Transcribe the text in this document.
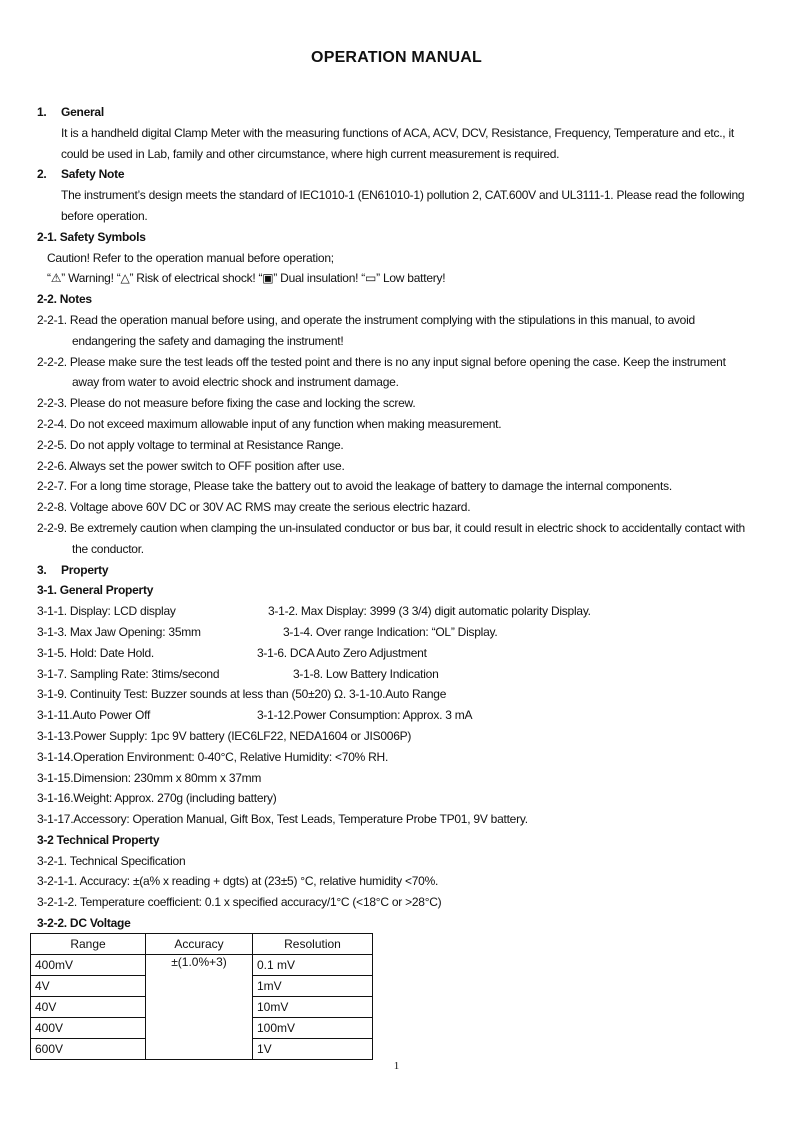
OPERATION MANUAL
1. General
It is a handheld digital Clamp Meter with the measuring functions of ACA, ACV, DCV, Resistance, Frequency, Temperature and etc., it
could be used in Lab, family and other circumstance, where high current measurement is required.
2. Safety Note
The instrument’s design meets the standard of IEC1010-1 (EN61010-1) pollution 2, CAT.600V and UL3111-1. Please read the following
before operation.
2-1. Safety Symbols
Caution! Refer to the operation manual before operation;
“⚠” Warning! “△” Risk of electrical shock! “▣” Dual insulation! “▭” Low battery!
2-2. Notes
2-2-1. Read the operation manual before using, and operate the instrument complying with the stipulations in this manual, to avoid
endangering the safety and damaging the instrument!
2-2-2. Please make sure the test leads off the tested point and there is no any input signal before opening the case. Keep the instrument
away from water to avoid electric shock and instrument damage.
2-2-3. Please do not measure before fixing the case and locking the screw.
2-2-4. Do not exceed maximum allowable input of any function when making measurement.
2-2-5. Do not apply voltage to terminal at Resistance Range.
2-2-6. Always set the power switch to OFF position after use.
2-2-7. For a long time storage, Please take the battery out to avoid the leakage of battery to damage the internal components.
2-2-8. Voltage above 60V DC or 30V AC RMS may create the serious electric hazard.
2-2-9. Be extremely caution when clamping the un-insulated conductor or bus bar, it could result in electric shock to accidentally contact with
the conductor.
3. Property
3-1. General Property
3-1-1. Display: LCD display	3-1-2. Max Display: 3999 (3 3/4) digit automatic polarity Display.
3-1-3. Max Jaw Opening: 35mm	3-1-4. Over range Indication: “OL” Display.
3-1-5. Hold: Date Hold.	3-1-6. DCA Auto Zero Adjustment
3-1-7. Sampling Rate: 3tims/second	3-1-8. Low Battery Indication
3-1-9. Continuity Test: Buzzer sounds at less than (50±20) Ω. 3-1-10.Auto Range
3-1-11.Auto Power Off	3-1-12.Power Consumption: Approx. 3 mA
3-1-13.Power Supply: 1pc 9V battery (IEC6LF22, NEDA1604 or JIS006P)
3-1-14.Operation Environment: 0-40°C, Relative Humidity: <70% RH.
3-1-15.Dimension: 230mm x 80mm x 37mm
3-1-16.Weight: Approx. 270g (including battery)
3-1-17.Accessory: Operation Manual, Gift Box, Test Leads, Temperature Probe TP01, 9V battery.
3-2 Technical Property
3-2-1. Technical Specification
3-2-1-1. Accuracy: ±(a% x reading + dgts) at (23±5) °C, relative humidity <70%.
3-2-1-2. Temperature coefficient: 0.1 x specified accuracy/1°C (<18°C or >28°C)
3-2-2. DC Voltage
Range	Accuracy	Resolution
400mV	±(1.0%+3)	0.1 mV
4V		1mV
40V		10mV
400V		100mV
600V		1V
1
